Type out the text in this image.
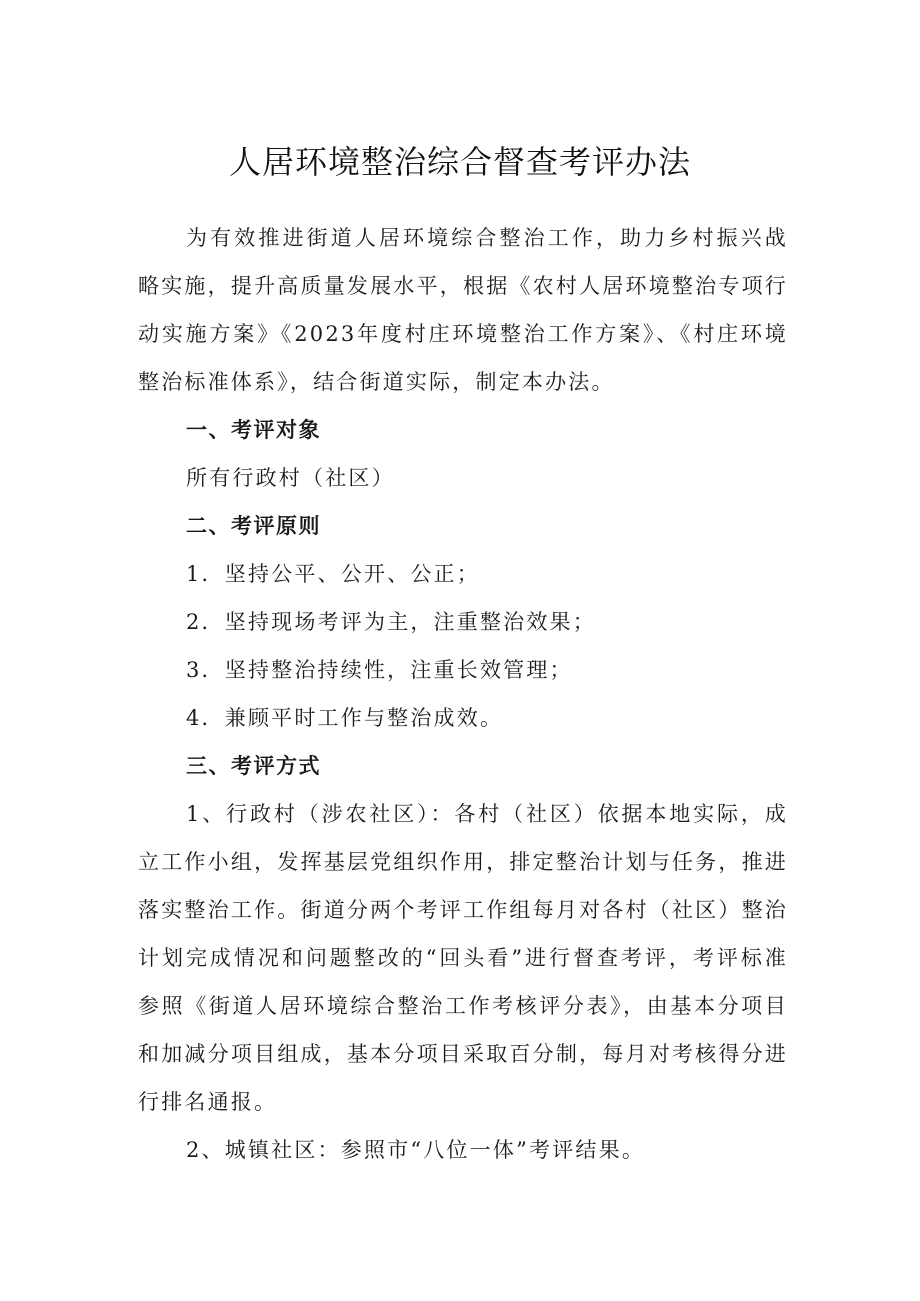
人居环境整治综合督查考评办法

为有效推进街道人居环境综合整治工作，助力乡村振兴战略实施，提升高质量发展水平，根据《农村人居环境整治专项行动实施方案》《2023年度村庄环境整治工作方案》、《村庄环境整治标准体系》，结合街道实际，制定本办法。

一、考评对象

所有行政村（社区）

二、考评原则

1．坚持公平、公开、公正；

2．坚持现场考评为主，注重整治效果；

3．坚持整治持续性，注重长效管理；

4．兼顾平时工作与整治成效。

三、考评方式

1、行政村（涉农社区）：各村（社区）依据本地实际，成立工作小组，发挥基层党组织作用，排定整治计划与任务，推进落实整治工作。街道分两个考评工作组每月对各村（社区）整治计划完成情况和问题整改的“回头看”进行督查考评，考评标准参照《街道人居环境综合整治工作考核评分表》，由基本分项目和加减分项目组成，基本分项目采取百分制，每月对考核得分进行排名通报。

2、城镇社区：参照市“八位一体”考评结果。
